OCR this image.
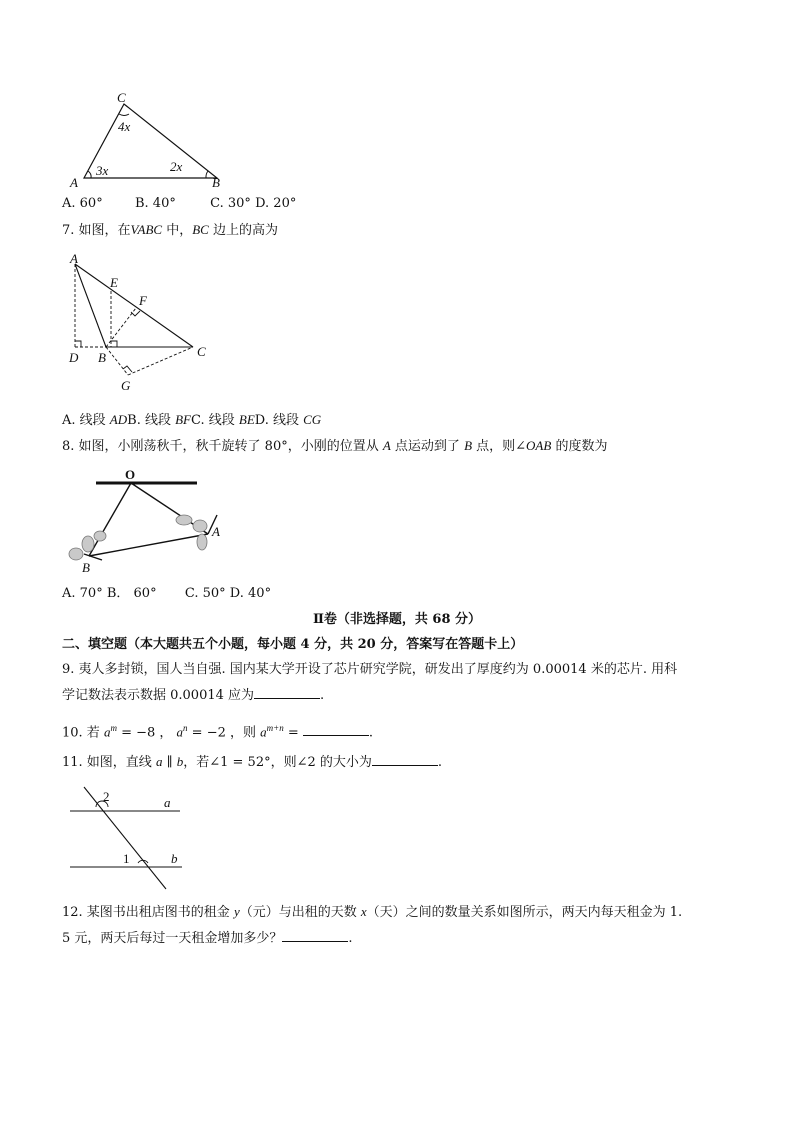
C
A	B
4x
3x	2x
A. 60° B. 40°	C. 30° D. 20°
7. 如图，在VABC 中，BC 边上的高为
A
E
F
D B	C
G
A. 线段 ADB. 线段 BFC. 线段 BED. 线段 CG
8. 如图，小刚荡秋千，秋千旋转了 80°，小刚的位置从 A 点运动到了 B 点，则∠OAB 的度数为
O
A
B
A. 70° B． 60° C. 50° D. 40°
Ⅱ卷（非选择题，共 68 分）
二、填空题（本大题共五个小题，每小题 4 分，共 20 分，答案写在答题卡上）
9. 夷人多封锁，国人当自强. 国内某大学开设了芯片研究学院，研发出了厚度约为 0.00014 米的芯片. 用科
学记数法表示数据 0.00014 应为	.
10. 若 $a^m = -8$ ， $a^n = -2$ ，则 $a^{m+n}$ =	.
11. 如图，直线 a ∥ b，若∠1 = 52°，则∠2 的大小为	.
2	a
1	b
12. 某图书出租店图书的租金 y（元）与出租的天数 x（天）之间的数量关系如图所示，两天内每天租金为 1.
5 元，两天后每过一天租金增加多少？	.
